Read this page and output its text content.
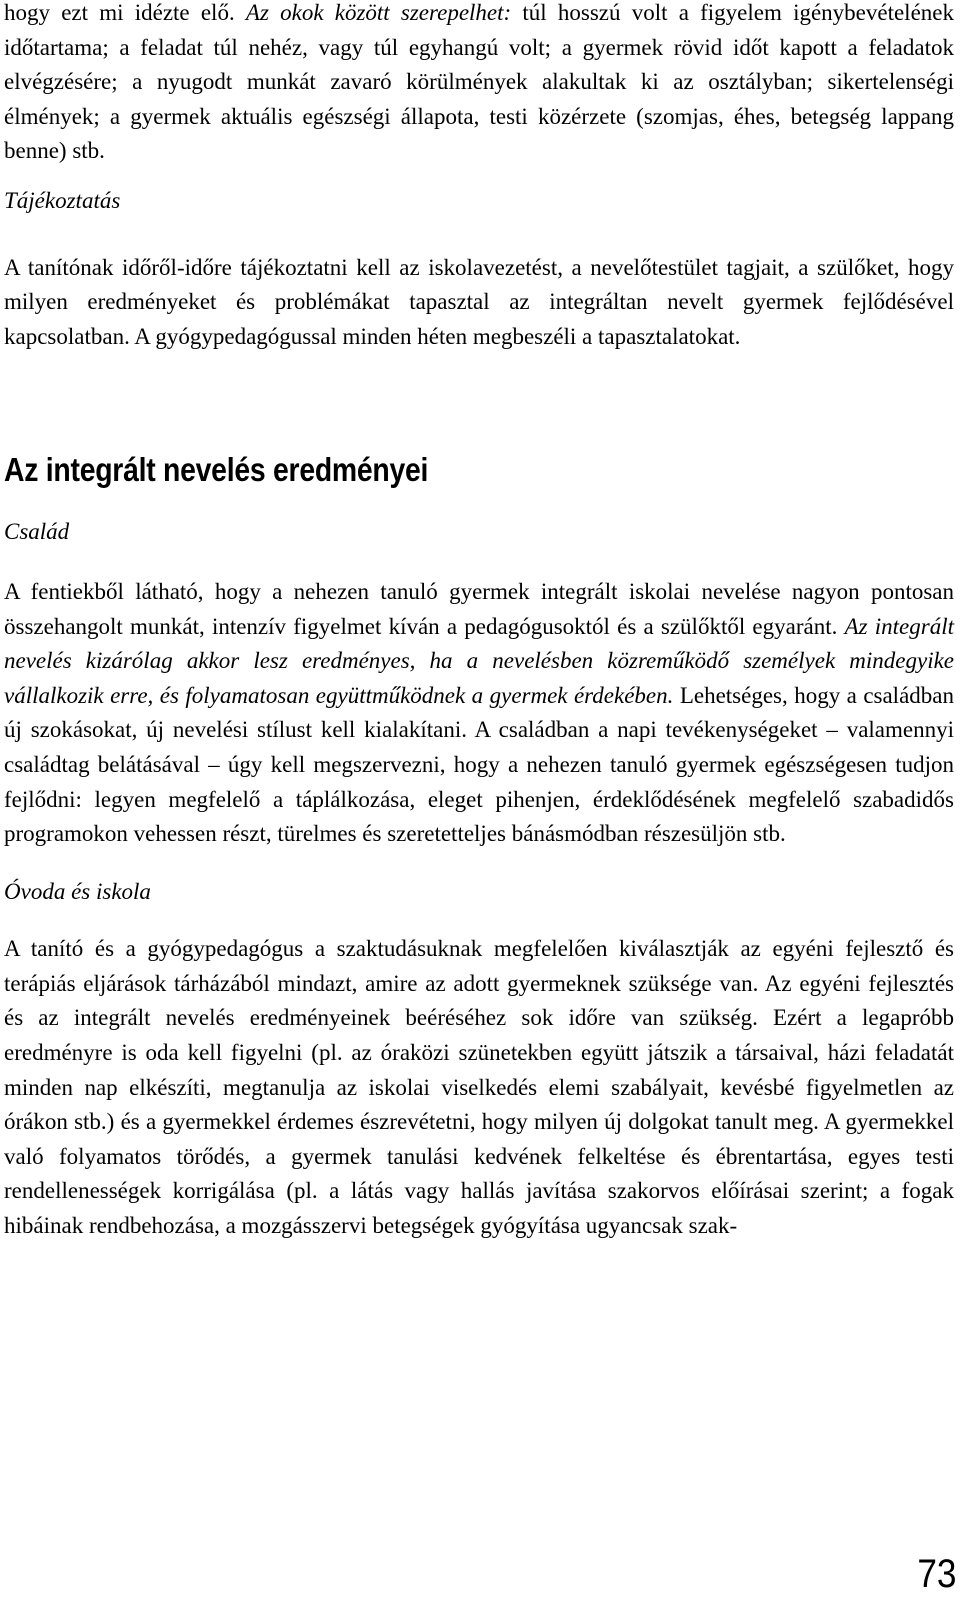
hogy ezt mi idézte elő. Az okok között szerepelhet: túl hosszú volt a figyelem igénybevételének időtartama; a feladat túl nehéz, vagy túl egyhangú volt; a gyermek rövid időt kapott a feladatok elvégzésére; a nyugodt munkát zavaró körülmények alakultak ki az osztályban; sikertelenségi élmények; a gyermek aktuális egészségi állapota, testi közérzete (szomjas, éhes, betegség lappang benne) stb.

Tájékoztatás

A tanítónak időről-időre tájékoztatni kell az iskolavezetést, a nevelőtestület tagjait, a szülőket, hogy milyen eredményeket és problémákat tapasztal az integráltan nevelt gyermek fejlődésével kapcsolatban. A gyógypedagógussal minden héten megbeszéli a tapasztalatokat.

Az integrált nevelés eredményei

Család

A fentiekből látható, hogy a nehezen tanuló gyermek integrált iskolai nevelése nagyon pontosan összehangolt munkát, intenzív figyelmet kíván a pedagógusoktól és a szülőktől egyaránt. Az integrált nevelés kizárólag akkor lesz eredményes, ha a nevelésben közreműködő személyek mindegyike vállalkozik erre, és folyamatosan együttműködnek a gyermek érdekében. Lehetséges, hogy a családban új szokásokat, új nevelési stílust kell kialakítani. A családban a napi tevékenységeket – valamennyi családtag belátásával – úgy kell megszervezni, hogy a nehezen tanuló gyermek egészségesen tudjon fejlődni: legyen megfelelő a táplálkozása, eleget pihenjen, érdeklődésének megfelelő szabadidős programokon vehessen részt, türelmes és szeretetteljes bánásmódban részesüljön stb.

Óvoda és iskola

A tanító és a gyógypedagógus a szaktudásuknak megfelelően kiválasztják az egyéni fejlesztő és terápiás eljárások tárházából mindazt, amire az adott gyermeknek szüksége van. Az egyéni fejlesztés és az integrált nevelés eredményeinek beéréséhez sok időre van szükség. Ezért a legapróbb eredményre is oda kell figyelni (pl. az óraközi szünetekben együtt játszik a társaival, házi feladatát minden nap elkészíti, megtanulja az iskolai viselkedés elemi szabályait, kevésbé figyelmetlen az órákon stb.) és a gyermekkel érdemes észrevétetni, hogy milyen új dolgokat tanult meg. A gyermekkel való folyamatos törődés, a gyermek tanulási kedvének felkeltése és ébrentartása, egyes testi rendellenességek korrigálása (pl. a látás vagy hallás javítása szakorvos előírásai szerint; a fogak hibáinak rendbehozása, a mozgásszervi betegségek gyógyítása ugyancsak szak-

73
